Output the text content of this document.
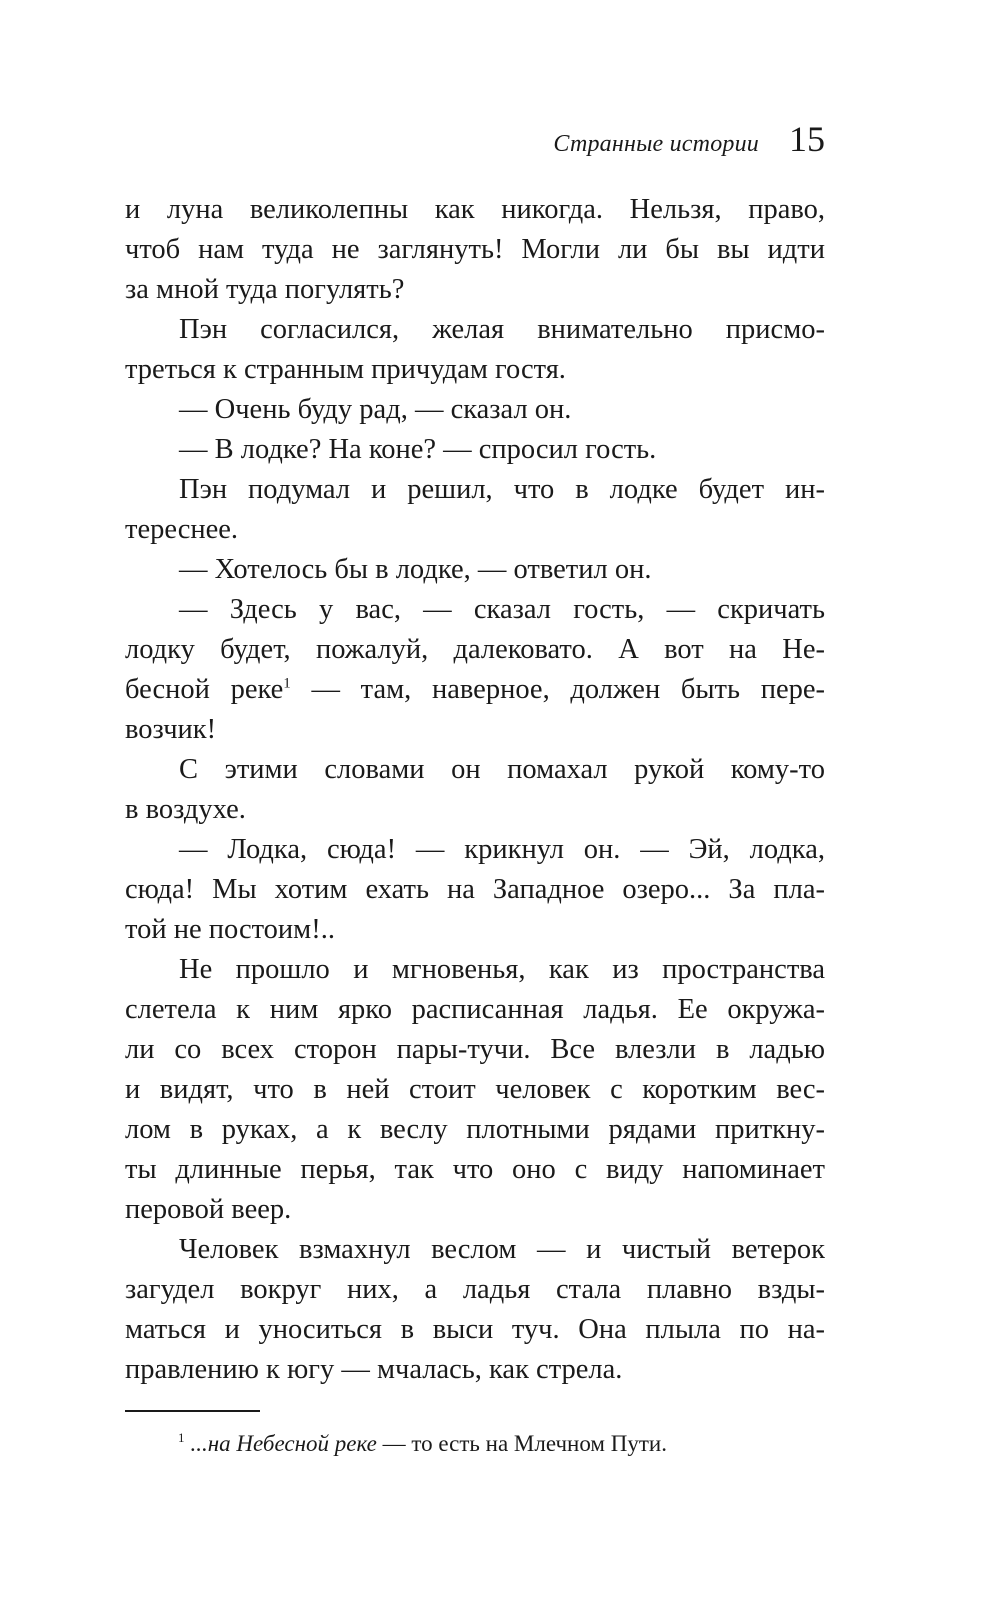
Странные истории 15
и луна великолепны как никогда. Нельзя, право,
чтоб нам туда не заглянуть! Могли ли бы вы идти
за мной туда погулять?
Пэн согласился, желая внимательно присмо-
треться к странным причудам гостя.
— Очень буду рад, — сказал он.
— В лодке? На коне? — спросил гость.
Пэн подумал и решил, что в лодке будет ин-
тереснее.
— Хотелось бы в лодке, — ответил он.
— Здесь у вас, — сказал гость, — скричать
лодку будет, пожалуй, далековато. А вот на Не-
бесной реке$^1$ — там, наверное, должен быть пере-
возчик!
С этими словами он помахал рукой кому-то
в воздухе.
— Лодка, сюда! — крикнул он. — Эй, лодка,
сюда! Мы хотим ехать на Западное озеро... За пла-
той не постоим!..
Не прошло и мгновенья, как из пространства
слетела к ним ярко расписанная ладья. Ее окружа-
ли со всех сторон пары-тучи. Все влезли в ладью
и видят, что в ней стоит человек с коротким вес-
лом в руках, а к веслу плотными рядами приткну-
ты длинные перья, так что оно с виду напоминает
перовой веер.
Человек взмахнул веслом — и чистый ветерок
загудел вокруг них, а ладья стала плавно взды-
маться и уноситься в выси туч. Она плыла по на-
правлению к югу — мчалась, как стрела.
$^1$ ...на Небесной реке — то есть на Млечном Пути.
